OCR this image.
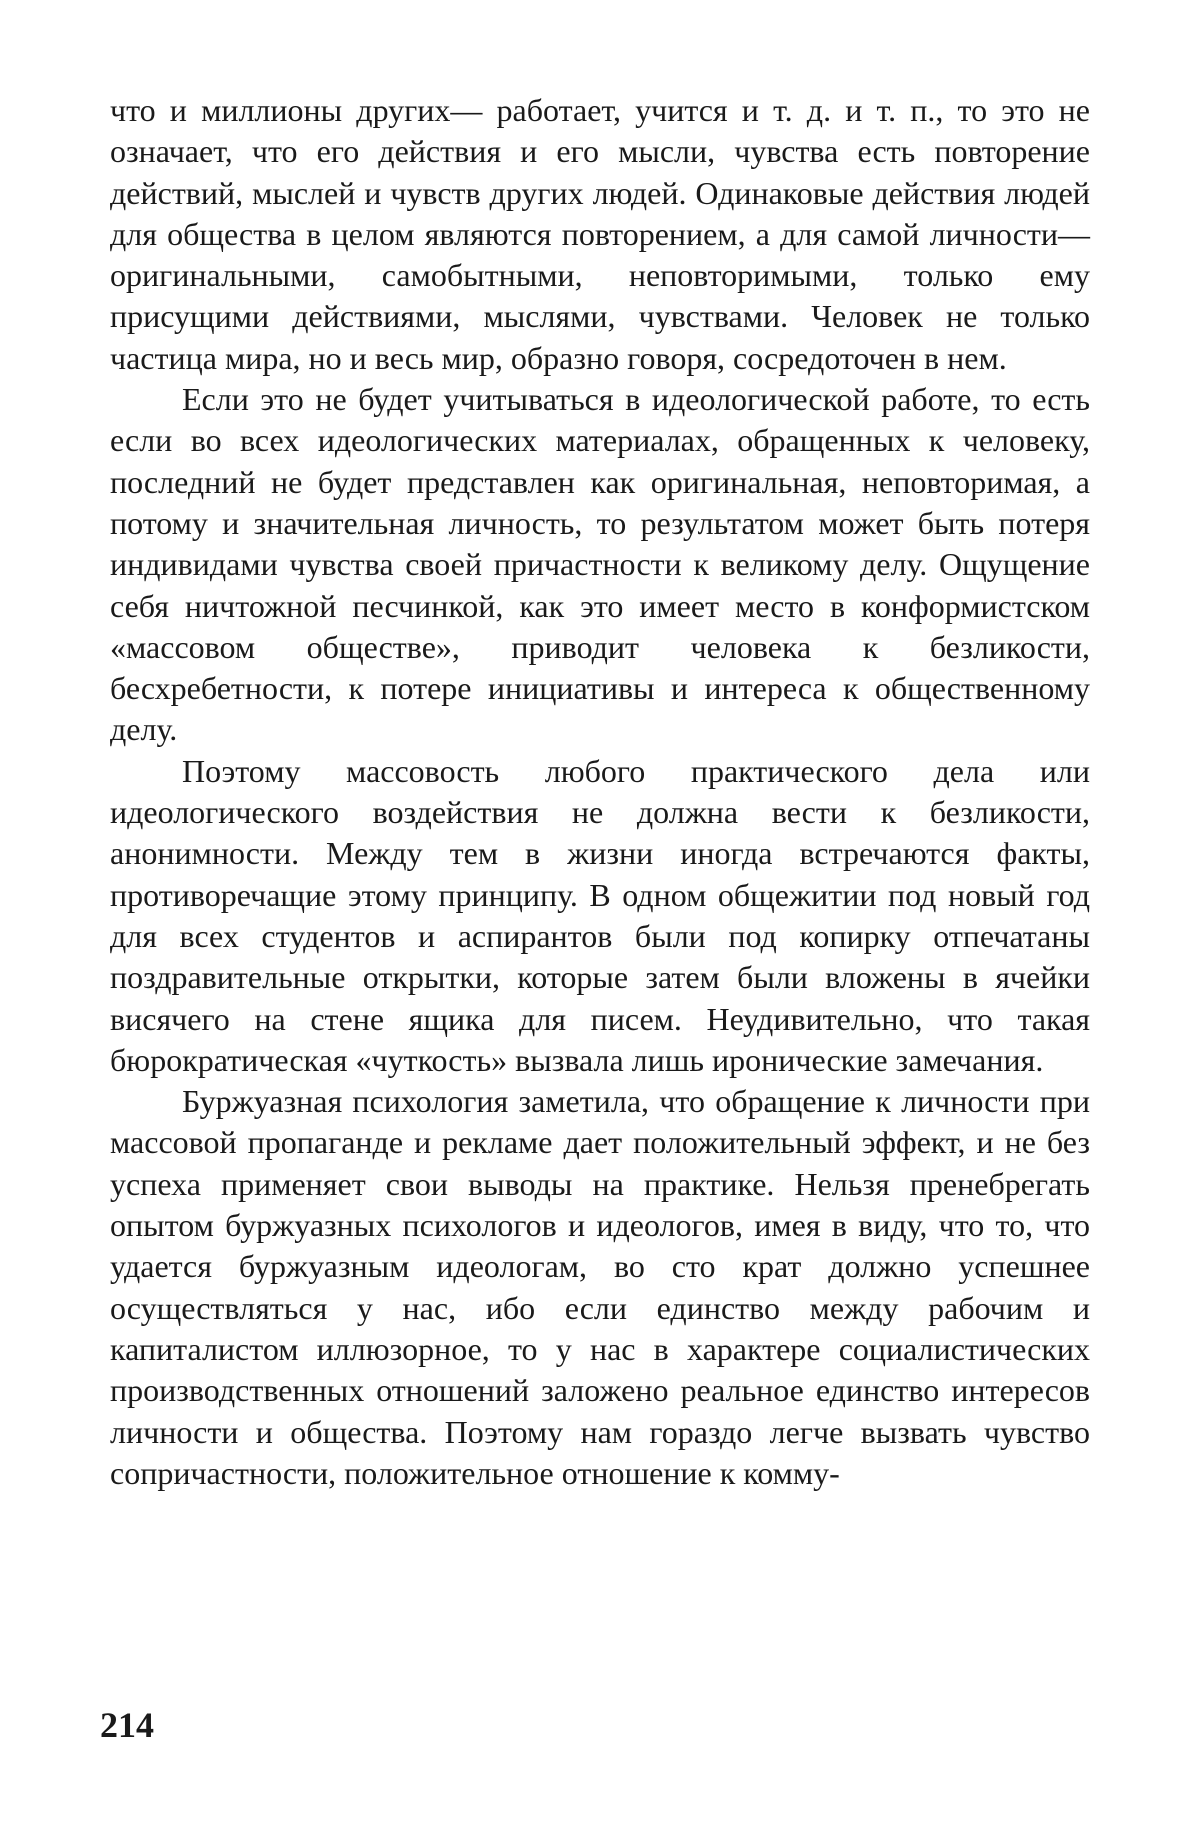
что и миллионы других— работает, учится и т. д. и т. п., то это не означает, что его действия и его мысли, чувства есть повторение действий, мыслей и чувств других людей. Одинаковые действия людей для общества в целом являются повторением, а для самой личности— оригинальными, самобытными, неповторимыми, только ему присущими действиями, мыслями, чувствами. Человек не только частица мира, но и весь мир, образно говоря, сосредоточен в нем.

Если это не будет учитываться в идеологической работе, то есть если во всех идеологических материалах, обращенных к человеку, последний не будет представлен как оригинальная, неповторимая, а потому и значительная личность, то результатом может быть потеря индивидами чувства своей причастности к великому делу. Ощущение себя ничтожной песчинкой, как это имеет место в конформистском «массовом обществе», приводит человека к безликости, бесхребетности, к потере инициативы и интереса к общественному делу.

Поэтому массовость любого практического дела или идеологического воздействия не должна вести к безликости, анонимности. Между тем в жизни иногда встречаются факты, противоречащие этому принципу. В одном общежитии под новый год для всех студентов и аспирантов были под копирку отпечатаны поздравительные открытки, которые затем были вложены в ячейки висячего на стене ящика для писем. Неудивительно, что такая бюрократическая «чуткость» вызвала лишь иронические замечания.

Буржуазная психология заметила, что обращение к личности при массовой пропаганде и рекламе дает положительный эффект, и не без успеха применяет свои выводы на практике. Нельзя пренебрегать опытом буржуазных психологов и идеологов, имея в виду, что то, что удается буржуазным идеологам, во сто крат должно успешнее осуществляться у нас, ибо если единство между рабочим и капиталистом иллюзорное, то у нас в характере социалистических производственных отношений заложено реальное единство интересов личности и общества. Поэтому нам гораздо легче вызвать чувство сопричастности, положительное отношение к комму-

214
